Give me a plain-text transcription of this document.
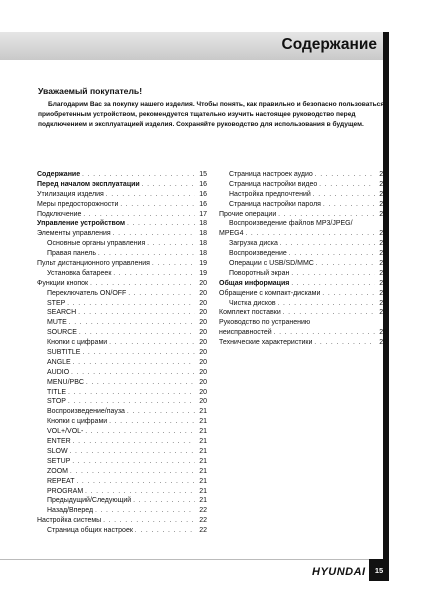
Содержание
Уважаемый покупатель!
Благодарим Вас за покупку нашего изделия. Чтобы понять, как правильно и безопасно пользоваться приобретенным устройством, рекомендуется тщательно изучить настоящее руководство перед подключением и эксплуатацией изделия. Сохраняйте руководство для использования в будущем.
Содержание . . .	15
Перед началом эксплуатации . . .	16
Утилизация изделия . . .	16
Меры предосторожности . . .	16
Подключение . . .	17
Управление устройством . . .	18
Элементы управления . . .	18
Основные органы управления . . .	18
Правая панель . . .	18
Пульт дистанционного управления . . .	19
Установка батареек . . .	19
Функции кнопок . . .	20
Переключатель ON/OFF . . .	20
STEP . . .	20
SEARCH . . .	20
MUTE . . .	20
SOURCE . . .	20
Кнопки с цифрами . . .	20
SUBTITLE . . .	20
ANGLE . . .	20
AUDIO . . .	20
MENU/PBC . . .	20
TITLE . . .	20
STOP . . .	20
Воспроизведение/пауза . . .	21
Кнопки с цифрами . . .	21
VOL+/VOL- . . .	21
ENTER . . .	21
SLOW . . .	21
SETUP . . .	21
ZOOM . . .	21
REPEAT . . .	21
PROGRAM . . .	21
Предыдущий/Следующий . . .	21
Назад/Вперед . . .	22
Настройка системы . . .	22
Страница общих настроек . . .	22
Страница настроек аудио . . .	23
Страница настройки видео . . .	23
Настройка предпочтений . . .	24
Страница настройки пароля . . .	24
Прочие операции . . .	24
Воспроизведение файлов MP3/JPEG/
MPEG4 . . .	24
Загрузка диска . . .	25
Воспроизведение . . .	25
Операции с USB/SD/MMC . . .	26
Поворотный экран . . .	26
Общая информация . . .	27
Обращение с компакт-дисками . . .	27
Чистка дисков . . .	27
Комплект поставки . . .	27
Руководство по устранению
неисправностей . . .	28
Технические характеристики . . .	29
HYUNDAI	15
